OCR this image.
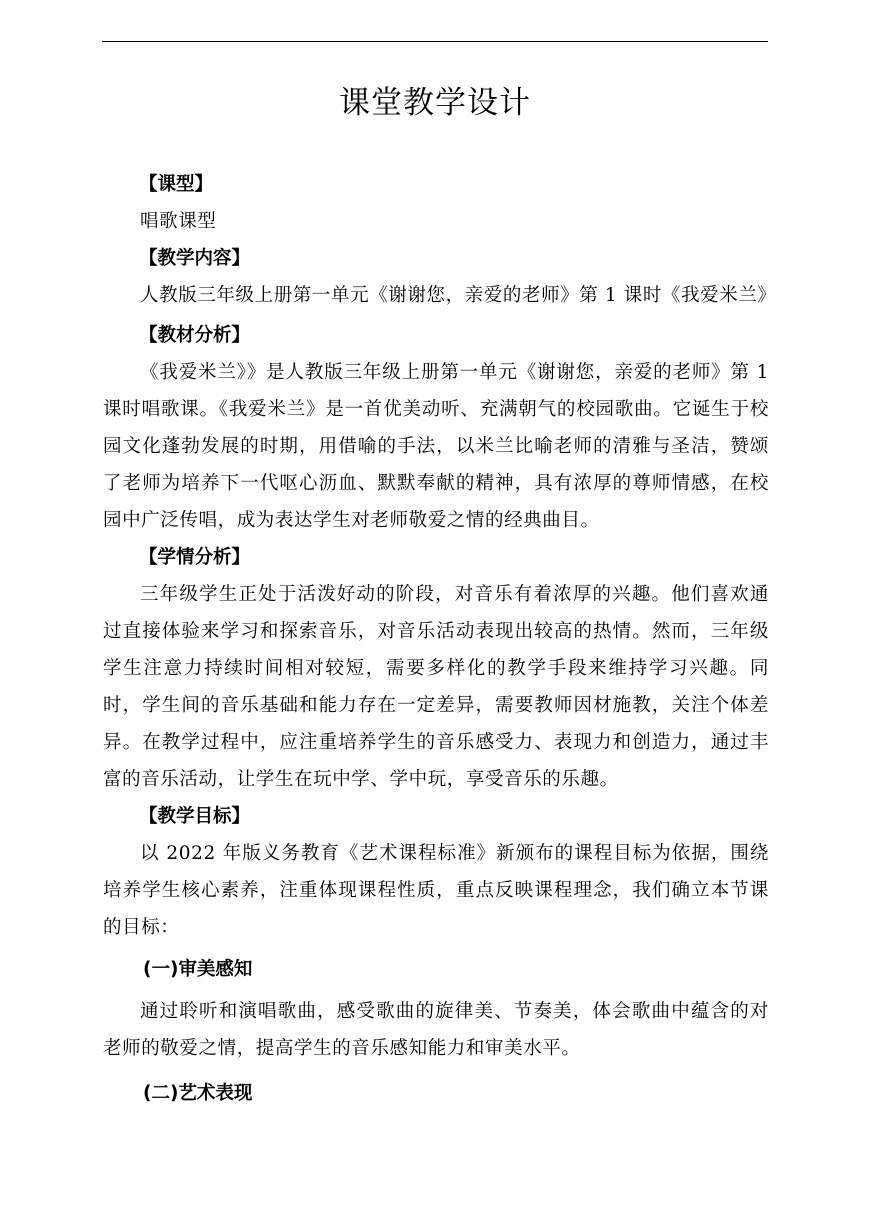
课堂教学设计
【课型】

唱歌课型

【教学内容】

人教版三年级上册第一单元《谢谢您，亲爱的老师》第 1 课时《我爱米兰》

【教材分析】

《我爱米兰》》是人教版三年级上册第一单元《谢谢您，亲爱的老师》第 1 课时唱歌课。《我爱米兰》是一首优美动听、充满朝气的校园歌曲。它诞生于校园文化蓬勃发展的时期，用借喻的手法，以米兰比喻老师的清雅与圣洁，赞颂了老师为培养下一代呕心沥血、默默奉献的精神，具有浓厚的尊师情感，在校园中广泛传唱，成为表达学生对老师敬爱之情的经典曲目。

【学情分析】

三年级学生正处于活泼好动的阶段，对音乐有着浓厚的兴趣。他们喜欢通过直接体验来学习和探索音乐，对音乐活动表现出较高的热情。然而，三年级学生注意力持续时间相对较短，需要多样化的教学手段来维持学习兴趣。同时，学生间的音乐基础和能力存在一定差异，需要教师因材施教，关注个体差异。在教学过程中，应注重培养学生的音乐感受力、表现力和创造力，通过丰富的音乐活动，让学生在玩中学、学中玩，享受音乐的乐趣。

【教学目标】

以 2022 年版义务教育《艺术课程标准》新颁布的课程目标为依据，围绕培养学生核心素养，注重体现课程性质，重点反映课程理念，我们确立本节课的目标：

(一)审美感知

通过聆听和演唱歌曲，感受歌曲的旋律美、节奏美，体会歌曲中蕴含的对老师的敬爱之情，提高学生的音乐感知能力和审美水平。

(二)艺术表现
